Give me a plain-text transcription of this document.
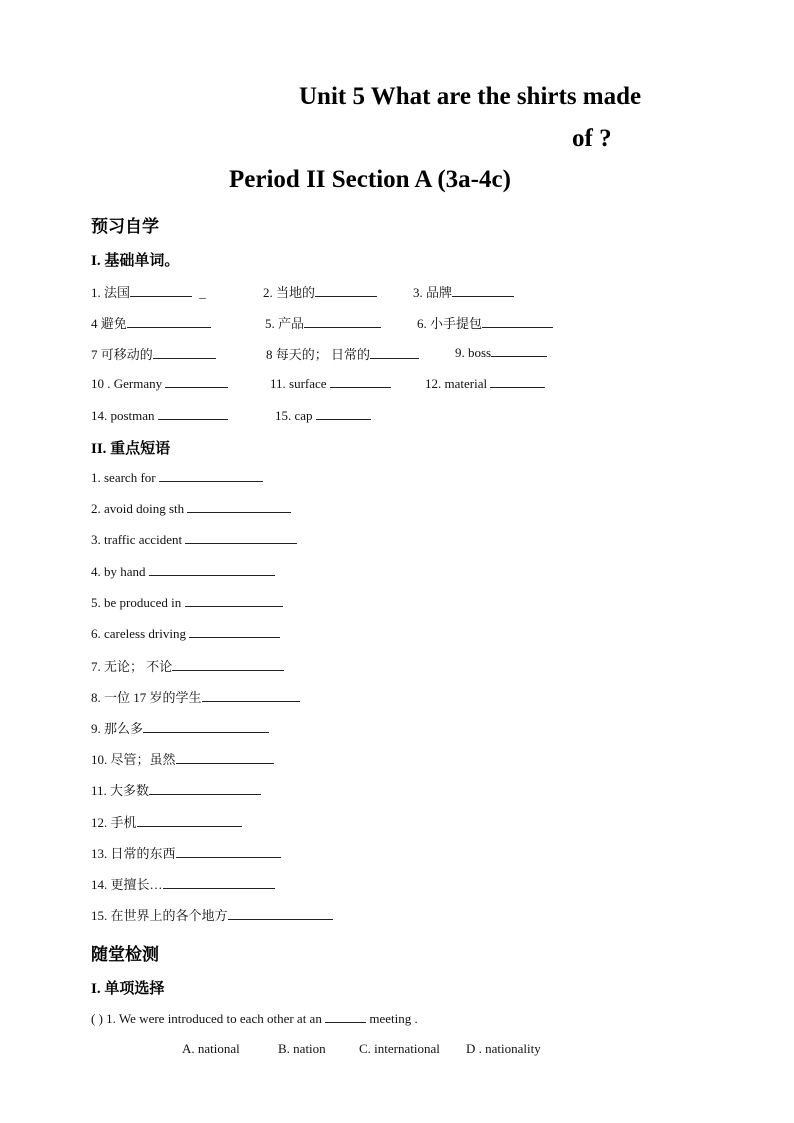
Unit 5 What are the shirts made
of ?
Period II Section A (3a-4c)
预习自学
I. 基础单词。
1. 法国	_	2. 当地的	3. 品牌
4 避免	5. 产品	6. 小手提包
7 可移动的	8 每天的； 日常的	9. boss
10 . Germany	11. surface	12. material
14. postman	15. cap
II. 重点短语
1. search for
2. avoid doing sth
3. traffic accident
4. by hand
5. be produced in
6. careless driving
7. 无论； 不论
8. 一位 17 岁的学生
9. 那么多
10. 尽管；虽然
11. 大多数
12. 手机
13. 日常的东西
14. 更擅长…
15. 在世界上的各个地方
随堂检测
I. 单项选择
( ) 1. We were introduced to each other at an	meeting .
A. national	B. nation	C. international D . nationality
